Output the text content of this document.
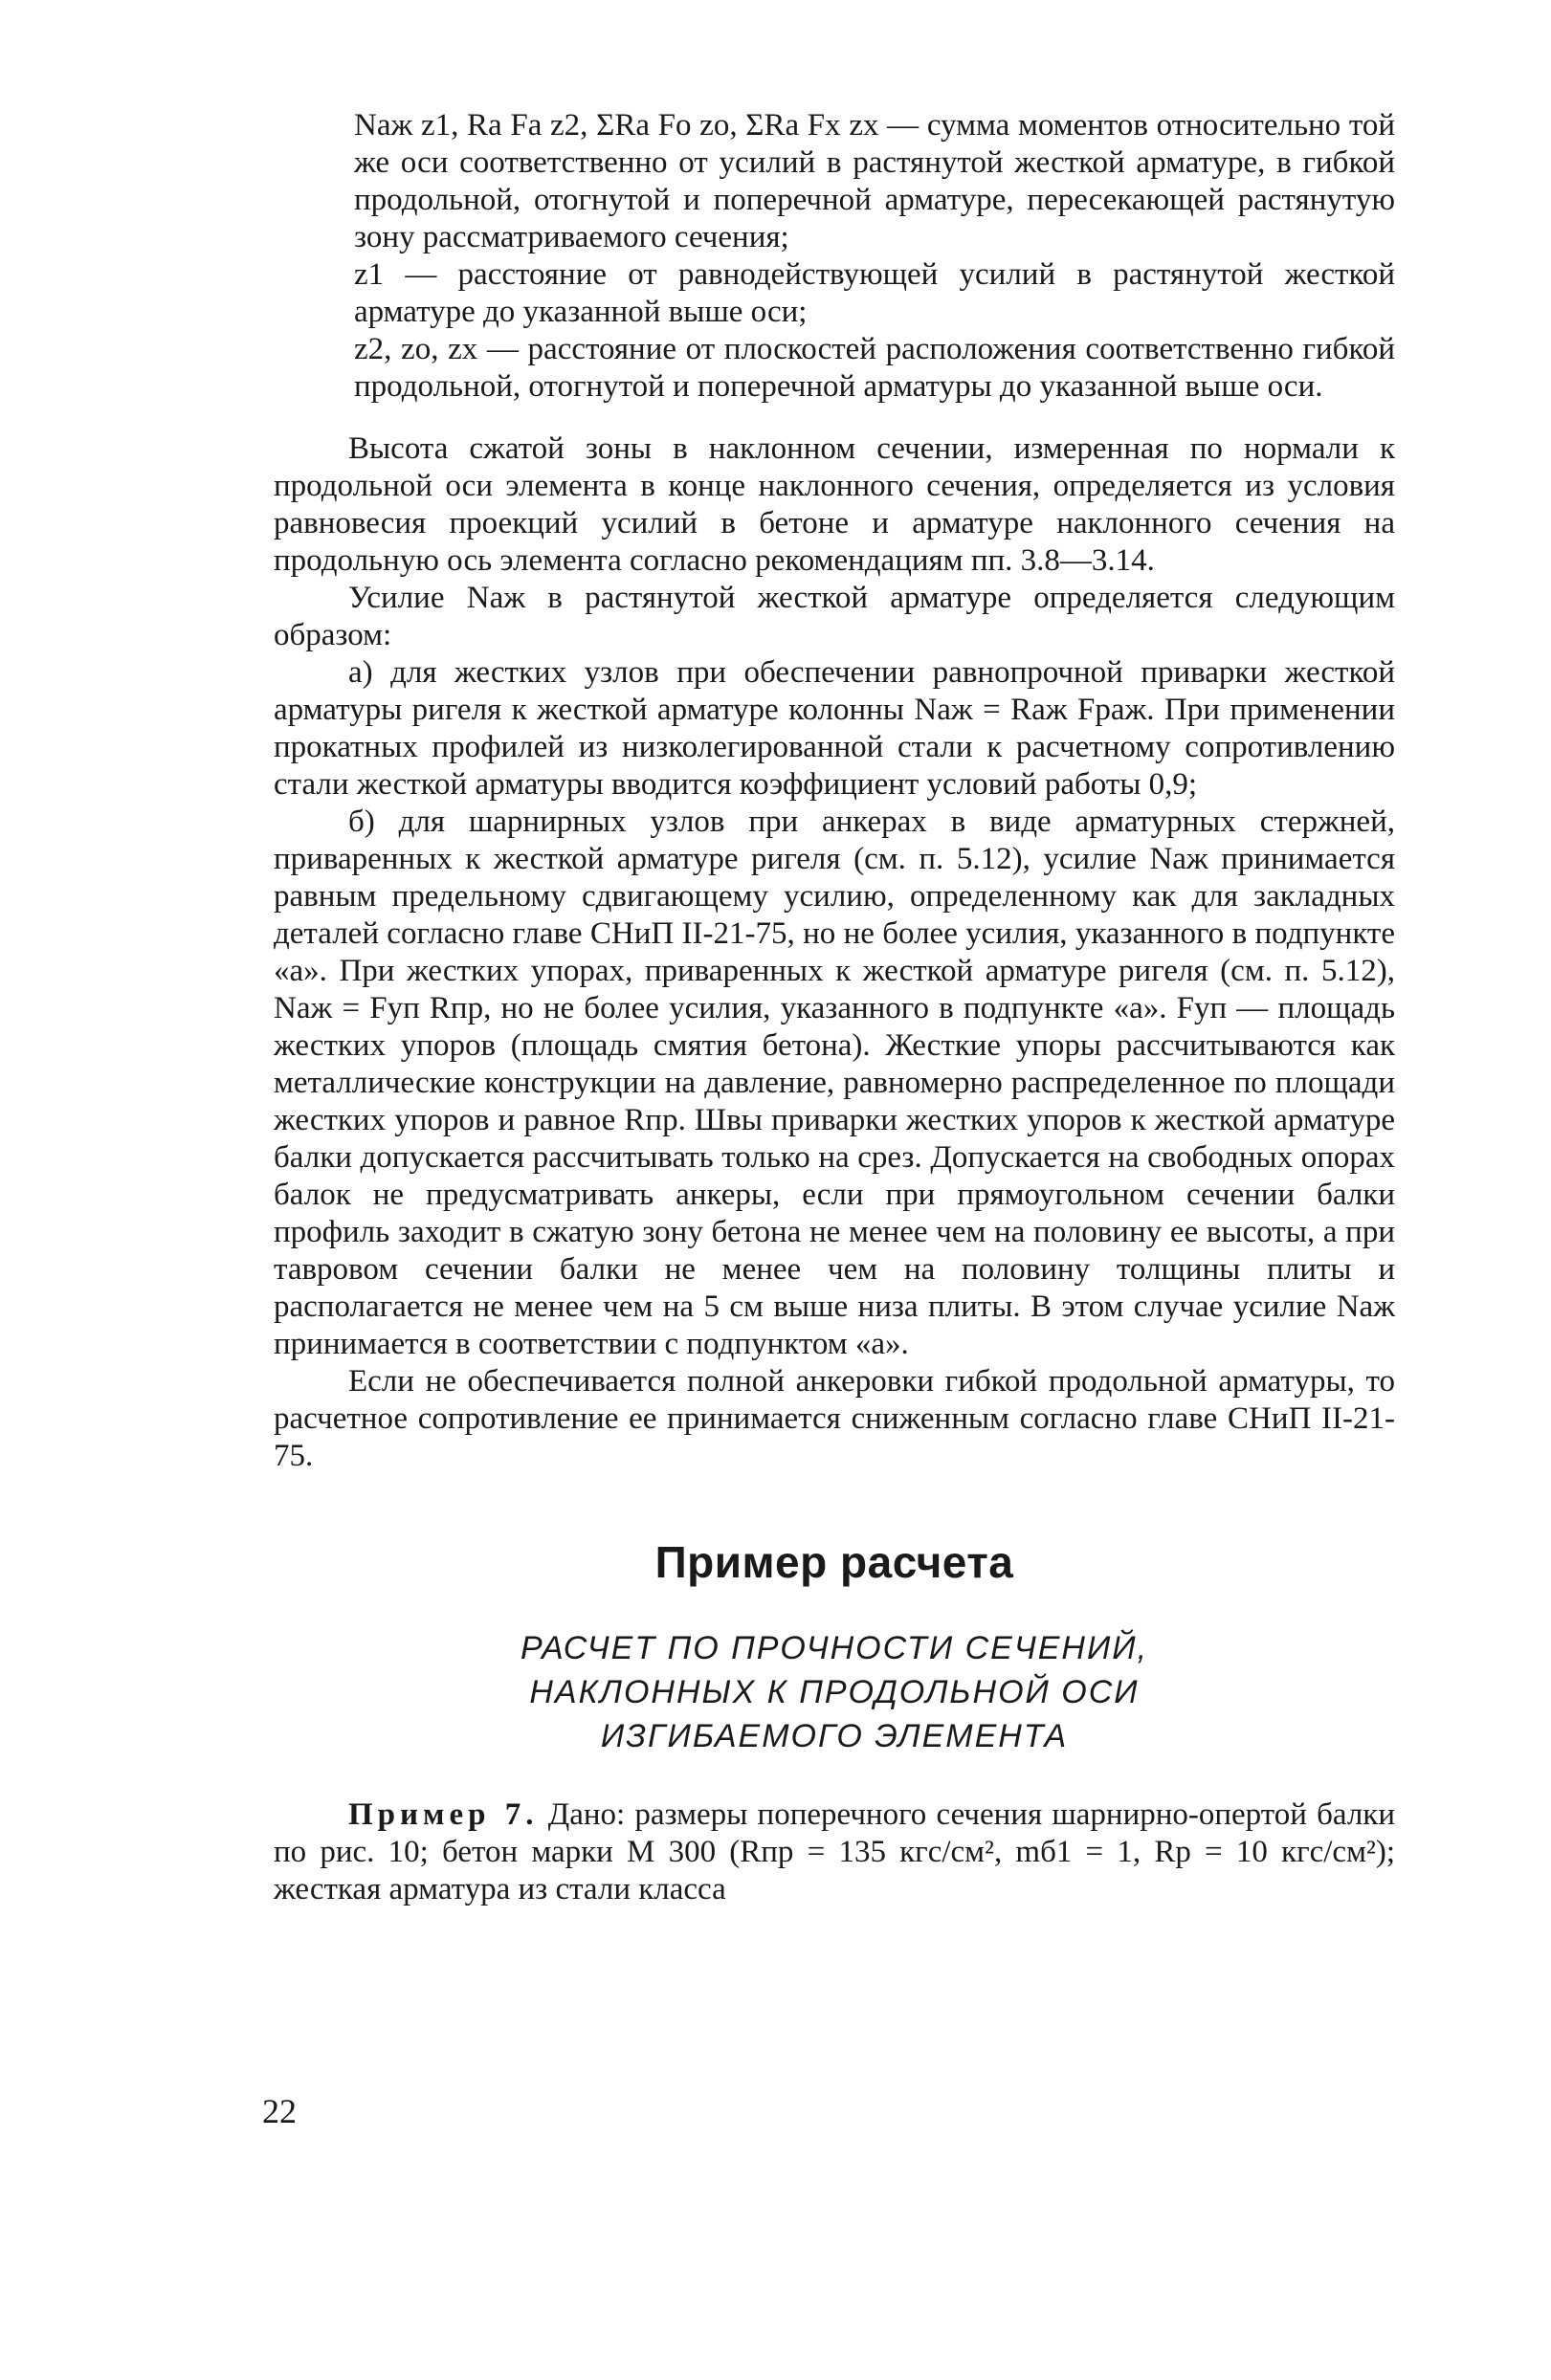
Nаж z1, Ra Fa z2, ΣRa Fo zo, ΣRa Fx zx — сумма моментов относительно той же оси соответственно от усилий в растянутой жесткой арматуре, в гибкой продольной, отогнутой и поперечной арматуре, пересекающей растянутую зону рассматриваемого сечения;

z1 — расстояние от равнодействующей усилий в растянутой жесткой арматуре до указанной выше оси;

z2, zo, zx — расстояние от плоскостей расположения соответственно гибкой продольной, отогнутой и поперечной арматуры до указанной выше оси.

Высота сжатой зоны в наклонном сечении, измеренная по нормали к продольной оси элемента в конце наклонного сечения, определяется из условия равновесия проекций усилий в бетоне и арматуре наклонного сечения на продольную ось элемента согласно рекомендациям пп. 3.8—3.14.

Усилие Nаж в растянутой жесткой арматуре определяется следующим образом:

а) для жестких узлов при обеспечении равнопрочной приварки жесткой арматуры ригеля к жесткой арматуре колонны Nаж = Rаж Fрaж. При применении прокатных профилей из низколегированной стали к расчетному сопротивлению стали жесткой арматуры вводится коэффициент условий работы 0,9;

б) для шарнирных узлов при анкерах в виде арматурных стержней, приваренных к жесткой арматуре ригеля (см. п. 5.12), усилие Nаж принимается равным предельному сдвигающему усилию, определенному как для закладных деталей согласно главе СНиП II-21-75, но не более усилия, указанного в подпункте «а». При жестких упорах, приваренных к жесткой арматуре ригеля (см. п. 5.12), Nаж = Fуп Rпр, но не более усилия, указанного в подпункте «а». Fуп — площадь жестких упоров (площадь смятия бетона). Жесткие упоры рассчитываются как металлические конструкции на давление, равномерно распределенное по площади жестких упоров и равное Rпр. Швы приварки жестких упоров к жесткой арматуре балки допускается рассчитывать только на срез. Допускается на свободных опорах балок не предусматривать анкеры, если при прямоугольном сечении балки профиль заходит в сжатую зону бетона не менее чем на половину ее высоты, а при тавровом сечении балки не менее чем на половину толщины плиты и располагается не менее чем на 5 см выше низа плиты. В этом случае усилие Nаж принимается в соответствии с подпунктом «а».

Если не обеспечивается полной анкеровки гибкой продольной арматуры, то расчетное сопротивление ее принимается сниженным согласно главе СНиП II-21-75.

Пример расчета
РАСЧЕТ ПО ПРОЧНОСТИ СЕЧЕНИЙ,
НАКЛОННЫХ К ПРОДОЛЬНОЙ ОСИ
ИЗГИБАЕМОГО ЭЛЕМЕНТА

Пример 7. Дано: размеры поперечного сечения шарнирно-опертой балки по рис. 10; бетон марки М 300 (Rпр = 135 кгс/см², mб1 = 1, Rр = 10 кгс/см²); жесткая арматура из стали класса

22
